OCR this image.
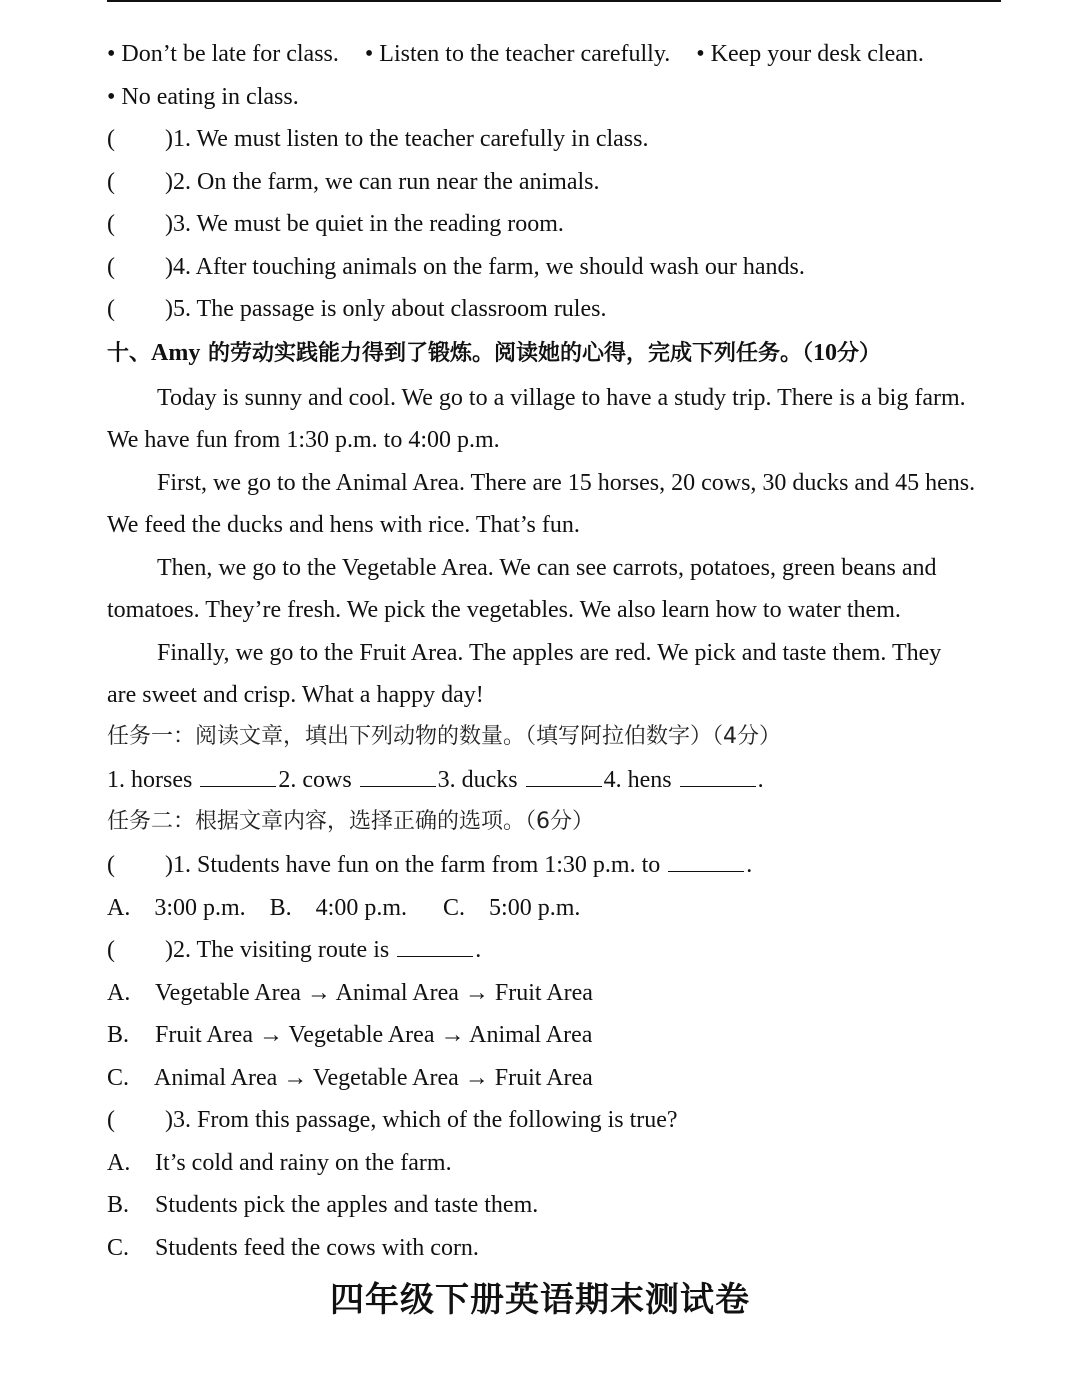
• Don’t be late for class. • Listen to the teacher carefully. • Keep your desk clean.
• No eating in class.
( )1. We must listen to the teacher carefully in class.
( )2. On the farm, we can run near the animals.
( )3. We must be quiet in the reading room.
( )4. After touching animals on the farm, we should wash our hands.
( )5. The passage is only about classroom rules.
十、Amy 的劳动实践能力得到了锻炼。阅读她的心得，完成下列任务。（10分）
Today is sunny and cool. We go to a village to have a study trip. There is a big farm.
We have fun from 1:30 p.m. to 4:00 p.m.
First, we go to the Animal Area. There are 15 horses, 20 cows, 30 ducks and 45 hens.
We feed the ducks and hens with rice. That’s fun.
Then, we go to the Vegetable Area. We can see carrots, potatoes, green beans and
tomatoes. They’re fresh. We pick the vegetables. We also learn how to water them.
Finally, we go to the Fruit Area. The apples are red. We pick and taste them. They
are sweet and crisp. What a happy day!
任务一：阅读文章，填出下列动物的数量。（填写阿拉伯数字）（4分）
1. horses	2. cows	3. ducks	4. hens	.
任务二：根据文章内容，选择正确的选项。（6分）
( )1. Students have fun on the farm from 1:30 p.m. to	.
A.    3:00 p.m.    B.    4:00 p.m.      C.    5:00 p.m.
( )2. The visiting route is	.
A. Vegetable Area → Animal Area → Fruit Area
B. Fruit Area → Vegetable Area → Animal Area
C. Animal Area → Vegetable Area → Fruit Area
( )3. From this passage, which of the following is true?
A. It’s cold and rainy on the farm.
B. Students pick the apples and taste them.
C. Students feed the cows with corn.
四年级下册英语期末测试卷
